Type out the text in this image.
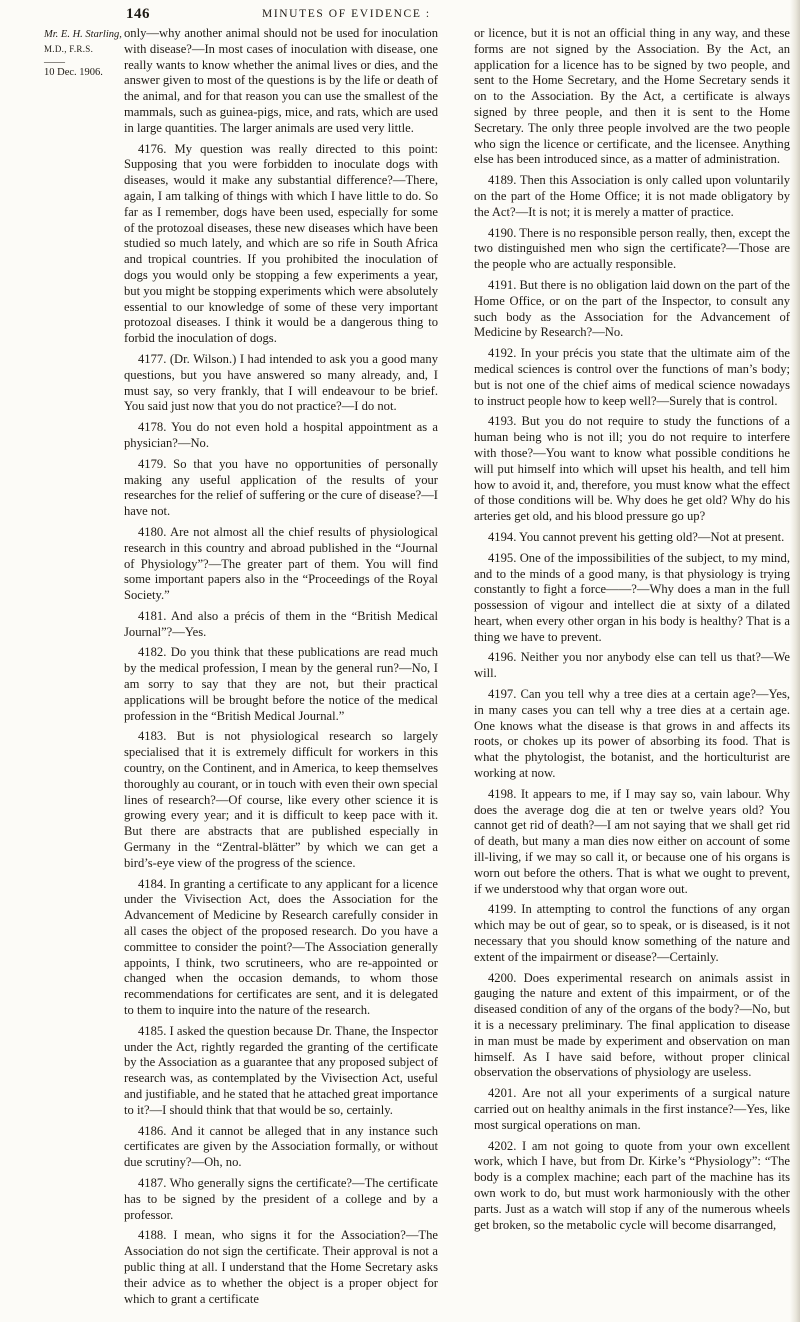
146	MINUTES OF EVIDENCE :
Mr. E. H. Starling,
M.D., F.R.S.
——
10 Dec. 1906.

only—why another animal should not be used for inoculation with disease?—In most cases of inoculation with disease, one really wants to know whether the animal lives or dies, and the answer given to most of the questions is by the life or death of the animal, and for that reason you can use the smallest of the mammals, such as guinea-pigs, mice, and rats, which are used in large quantities. The larger animals are used very little.

4176. My question was really directed to this point: Supposing that you were forbidden to inoculate dogs with diseases, would it make any substantial difference?—There, again, I am talking of things with which I have little to do. So far as I remember, dogs have been used, especially for some of the protozoal diseases, these new diseases which have been studied so much lately, and which are so rife in South Africa and tropical countries. If you prohibited the inoculation of dogs you would only be stopping a few experiments a year, but you might be stopping experiments which were absolutely essential to our knowledge of some of these very important protozoal diseases. I think it would be a dangerous thing to forbid the inoculation of dogs.

4177. (Dr. Wilson.) I had intended to ask you a good many questions, but you have answered so many already, and, I must say, so very frankly, that I will endeavour to be brief. You said just now that you do not practice?—I do not.

4178. You do not even hold a hospital appointment as a physician?—No.

4179. So that you have no opportunities of personally making any useful application of the results of your researches for the relief of suffering or the cure of disease?—I have not.

4180. Are not almost all the chief results of physiological research in this country and abroad published in the “Journal of Physiology”?—The greater part of them. You will find some important papers also in the “Proceedings of the Royal Society.”

4181. And also a précis of them in the “British Medical Journal”?—Yes.

4182. Do you think that these publications are read much by the medical profession, I mean by the general run?—No, I am sorry to say that they are not, but their practical applications will be brought before the notice of the medical profession in the “British Medical Journal.”

4183. But is not physiological research so largely specialised that it is extremely difficult for workers in this country, on the Continent, and in America, to keep themselves thoroughly au courant, or in touch with even their own special lines of research?—Of course, like every other science it is growing every year; and it is difficult to keep pace with it. But there are abstracts that are published especially in Germany in the “Zentral-blätter” by which we can get a bird’s-eye view of the progress of the science.

4184. In granting a certificate to any applicant for a licence under the Vivisection Act, does the Association for the Advancement of Medicine by Research carefully consider in all cases the object of the proposed research. Do you have a committee to consider the point?—The Association generally appoints, I think, two scrutineers, who are re-appointed or changed when the occasion demands, to whom those recommendations for certificates are sent, and it is delegated to them to inquire into the nature of the research.

4185. I asked the question because Dr. Thane, the Inspector under the Act, rightly regarded the granting of the certificate by the Association as a guarantee that any proposed subject of research was, as contemplated by the Vivisection Act, useful and justifiable, and he stated that he attached great importance to it?—I should think that that would be so, certainly.

4186. And it cannot be alleged that in any instance such certificates are given by the Association formally, or without due scrutiny?—Oh, no.

4187. Who generally signs the certificate?—The certificate has to be signed by the president of a college and by a professor.

4188. I mean, who signs it for the Association?—The Association do not sign the certificate. Their approval is not a public thing at all. I understand that the Home Secretary asks their advice as to whether the object is a proper object for which to grant a certificate

or licence, but it is not an official thing in any way, and these forms are not signed by the Association. By the Act, an application for a licence has to be signed by two people, and sent to the Home Secretary, and the Home Secretary sends it on to the Association. By the Act, a certificate is always signed by three people, and then it is sent to the Home Secretary. The only three people involved are the two people who sign the licence or certificate, and the licensee. Anything else has been introduced since, as a matter of administration.

4189. Then this Association is only called upon voluntarily on the part of the Home Office; it is not made obligatory by the Act?—It is not; it is merely a matter of practice.

4190. There is no responsible person really, then, except the two distinguished men who sign the certificate?—Those are the people who are actually responsible.

4191. But there is no obligation laid down on the part of the Home Office, or on the part of the Inspector, to consult any such body as the Association for the Advancement of Medicine by Research?—No.

4192. In your précis you state that the ultimate aim of the medical sciences is control over the functions of man’s body; but is not one of the chief aims of medical science nowadays to instruct people how to keep well?—Surely that is control.

4193. But you do not require to study the functions of a human being who is not ill; you do not require to interfere with those?—You want to know what possible conditions he will put himself into which will upset his health, and tell him how to avoid it, and, therefore, you must know what the effect of those conditions will be. Why does he get old? Why do his arteries get old, and his blood pressure go up?

4194. You cannot prevent his getting old?—Not at present.

4195. One of the impossibilities of the subject, to my mind, and to the minds of a good many, is that physiology is trying constantly to fight a force——?—Why does a man in the full possession of vigour and intellect die at sixty of a dilated heart, when every other organ in his body is healthy? That is a thing we have to prevent.

4196. Neither you nor anybody else can tell us that?—We will.

4197. Can you tell why a tree dies at a certain age?—Yes, in many cases you can tell why a tree dies at a certain age. One knows what the disease is that grows in and affects its roots, or chokes up its power of absorbing its food. That is what the phytologist, the botanist, and the horticulturist are working at now.

4198. It appears to me, if I may say so, vain labour. Why does the average dog die at ten or twelve years old? You cannot get rid of death?—I am not saying that we shall get rid of death, but many a man dies now either on account of some ill-living, if we may so call it, or because one of his organs is worn out before the others. That is what we ought to prevent, if we understood why that organ wore out.

4199. In attempting to control the functions of any organ which may be out of gear, so to speak, or is diseased, is it not necessary that you should know something of the nature and extent of the impairment or disease?—Certainly.

4200. Does experimental research on animals assist in gauging the nature and extent of this impairment, or of the diseased condition of any of the organs of the body?—No, but it is a necessary preliminary. The final application to disease in man must be made by experiment and observation on man himself. As I have said before, without proper clinical observation the observations of physiology are useless.

4201. Are not all your experiments of a surgical nature carried out on healthy animals in the first instance?—Yes, like most surgical operations on man.

4202. I am not going to quote from your own excellent work, which I have, but from Dr. Kirke’s “Physiology”: “The body is a complex machine; each part of the machine has its own work to do, but must work harmoniously with the other parts. Just as a watch will stop if any of the numerous wheels get broken, so the metabolic cycle will become disarranged,
